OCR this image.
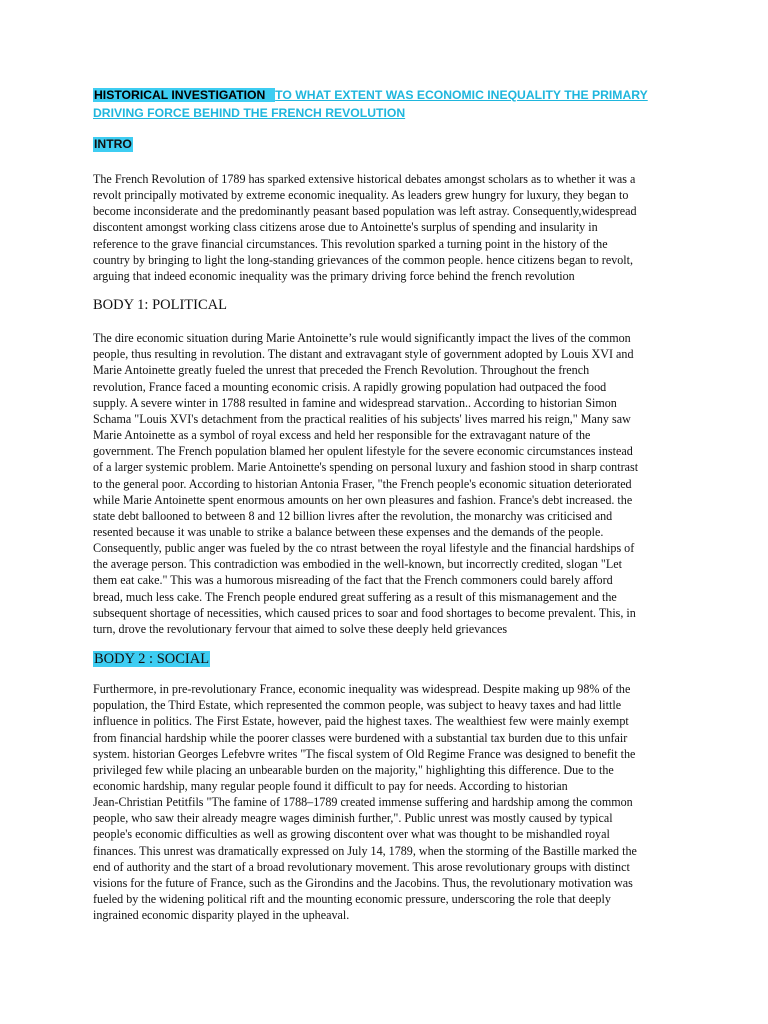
HISTORICAL INVESTIGATION TO WHAT EXTENT WAS ECONOMIC INEQUALITY THE PRIMARY

DRIVING FORCE BEHIND THE FRENCH REVOLUTION

INTRO
The French Revolution of 1789 has sparked extensive historical debates amongst scholars as to whether it was a
revolt principally motivated by extreme economic inequality. As leaders grew hungry for luxury, they began to
become inconsiderate and the predominantly peasant based population was left astray. Consequently,widespread
discontent amongst working class citizens arose due to Antoinette's surplus of spending and insularity in
reference to the grave financial circumstances. This revolution sparked a turning point in the history of the
country by bringing to light the long-standing grievances of the common people. hence citizens began to revolt,
arguing that indeed economic inequality was the primary driving force behind the french revolution
BODY 1: POLITICAL
The dire economic situation during Marie Antoinette’s rule would significantly impact the lives of the common
people, thus resulting in revolution. The distant and extravagant style of government adopted by Louis XVI and
Marie Antoinette greatly fueled the unrest that preceded the French Revolution. Throughout the french
revolution, France faced a mounting economic crisis. A rapidly growing population had outpaced the food
supply. A severe winter in 1788 resulted in famine and widespread starvation.. According to historian Simon
Schama "Louis XVI's detachment from the practical realities of his subjects' lives marred his reign," Many saw
Marie Antoinette as a symbol of royal excess and held her responsible for the extravagant nature of the
government. The French population blamed her opulent lifestyle for the severe economic circumstances instead
of a larger systemic problem. Marie Antoinette's spending on personal luxury and fashion stood in sharp contrast
to the general poor. According to historian Antonia Fraser, "the French people's economic situation deteriorated
while Marie Antoinette spent enormous amounts on her own pleasures and fashion. France's debt increased. the
state debt ballooned to between 8 and 12 billion livres after the revolution, the monarchy was criticised and
resented because it was unable to strike a balance between these expenses and the demands of the people.
Consequently, public anger was fueled by the co ntrast between the royal lifestyle and the financial hardships of
the average person. This contradiction was embodied in the well-known, but incorrectly credited, slogan "Let
them eat cake." This was a humorous misreading of the fact that the French commoners could barely afford
bread, much less cake. The French people endured great suffering as a result of this mismanagement and the
subsequent shortage of necessities, which caused prices to soar and food shortages to become prevalent. This, in
turn, drove the revolutionary fervour that aimed to solve these deeply held grievances
BODY 2 : SOCIAL
Furthermore, in pre-revolutionary France, economic inequality was widespread. Despite making up 98% of the
population, the Third Estate, which represented the common people, was subject to heavy taxes and had little
influence in politics. The First Estate, however, paid the highest taxes. The wealthiest few were mainly exempt
from financial hardship while the poorer classes were burdened with a substantial tax burden due to this unfair
system. historian Georges Lefebvre writes "The fiscal system of Old Regime France was designed to benefit the
privileged few while placing an unbearable burden on the majority," highlighting this difference. Due to the
economic hardship, many regular people found it difficult to pay for needs. According to historian
Jean-Christian Petitfils "The famine of 1788–1789 created immense suffering and hardship among the common
people, who saw their already meagre wages diminish further,". Public unrest was mostly caused by typical
people's economic difficulties as well as growing discontent over what was thought to be mishandled royal
finances. This unrest was dramatically expressed on July 14, 1789, when the storming of the Bastille marked the
end of authority and the start of a broad revolutionary movement. This arose revolutionary groups with distinct
visions for the future of France, such as the Girondins and the Jacobins. Thus, the revolutionary motivation was
fueled by the widening political rift and the mounting economic pressure, underscoring the role that deeply
ingrained economic disparity played in the upheaval.
